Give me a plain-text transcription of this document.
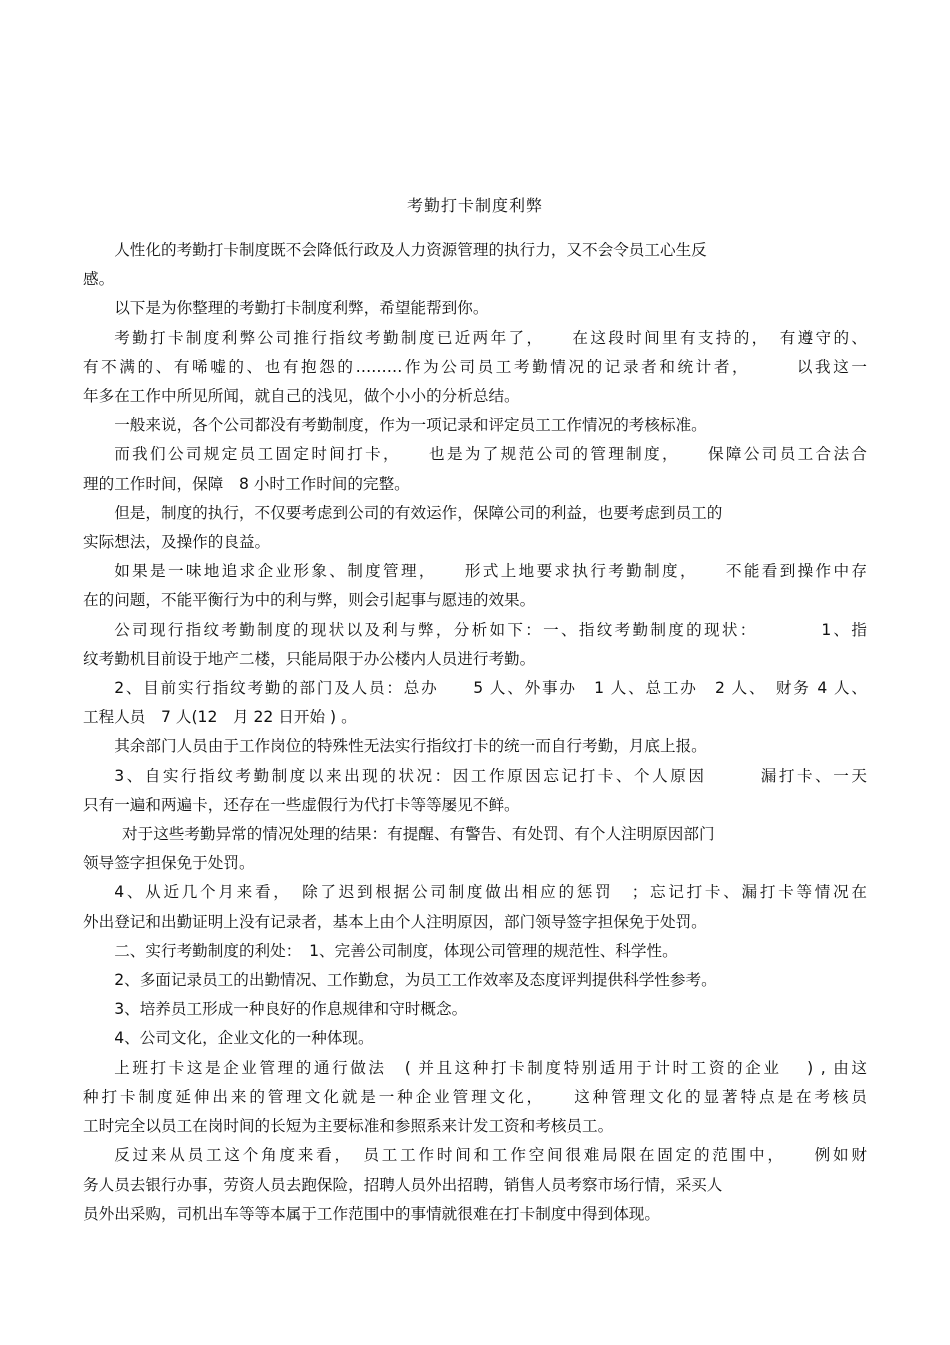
考勤打卡制度利弊

人性化的考勤打卡制度既不会降低行政及人力资源管理的执行力，又不会令员工心生反

感。

以下是为你整理的考勤打卡制度利弊，希望能帮到你。

考勤打卡制度利弊公司推行指纹考勤制度已近两年了，　　在这段时间里有支持的，　有遵守的、

有不满的、有唏嘘的、也有抱怨的………作为公司员工考勤情况的记录者和统计者，　　　以我这一

年多在工作中所见所闻，就自己的浅见，做个小小的分析总结。

一般来说，各个公司都没有考勤制度，作为一项记录和评定员工工作情况的考核标准。

而我们公司规定员工固定时间打卡，　　也是为了规范公司的管理制度，　　保障公司员工合法合

理的工作时间，保障　8 小时工作时间的完整。

但是，制度的执行，不仅要考虑到公司的有效运作，保障公司的利益，也要考虑到员工的

实际想法，及操作的良益。

如果是一味地追求企业形象、制度管理，　　形式上地要求执行考勤制度，　　不能看到操作中存

在的问题，不能平衡行为中的利与弊，则会引起事与愿违的效果。

公司现行指纹考勤制度的现状以及利与弊，分析如下：一、指纹考勤制度的现状：　　　　1、指

纹考勤机目前设于地产二楼，只能局限于办公楼内人员进行考勤。

2、目前实行指纹考勤的部门及人员：总办　　5 人、外事办　1 人、总工办　2 人、　财务 4 人、

工程人员　7 人(12　月 22 日开始 ) 。

其余部门人员由于工作岗位的特殊性无法实行指纹打卡的统一而自行考勤，月底上报。

3、自实行指纹考勤制度以来出现的状况：因工作原因忘记打卡、个人原因　　　漏打卡、一天

只有一遍和两遍卡，还存在一些虚假行为代打卡等等屡见不鲜。

对于这些考勤异常的情况处理的结果：有提醒、有警告、有处罚、有个人注明原因部门

领导签字担保免于处罚。

4、从近几个月来看，　除了迟到根据公司制度做出相应的惩罚　；忘记打卡、漏打卡等情况在

外出登记和出勤证明上没有记录者，基本上由个人注明原因，部门领导签字担保免于处罚。

二、实行考勤制度的利处：　1、完善公司制度，体现公司管理的规范性、科学性。

2、多面记录员工的出勤情况、工作勤怠，为员工工作效率及态度评判提供科学性参考。

3、培养员工形成一种良好的作息规律和守时概念。

4、公司文化，企业文化的一种体现。

上班打卡这是企业管理的通行做法　( 并且这种打卡制度特别适用于计时工资的企业　 ) , 由这

种打卡制度延伸出来的管理文化就是一种企业管理文化，　　这种管理文化的显著特点是在考核员

工时完全以员工在岗时间的长短为主要标准和参照系来计发工资和考核员工。

反过来从员工这个角度来看，　员工工作时间和工作空间很难局限在固定的范围中，　　例如财

务人员去银行办事，劳资人员去跑保险，招聘人员外出招聘，销售人员考察市场行情，采买人

员外出采购，司机出车等等本属于工作范围中的事情就很难在打卡制度中得到体现。
